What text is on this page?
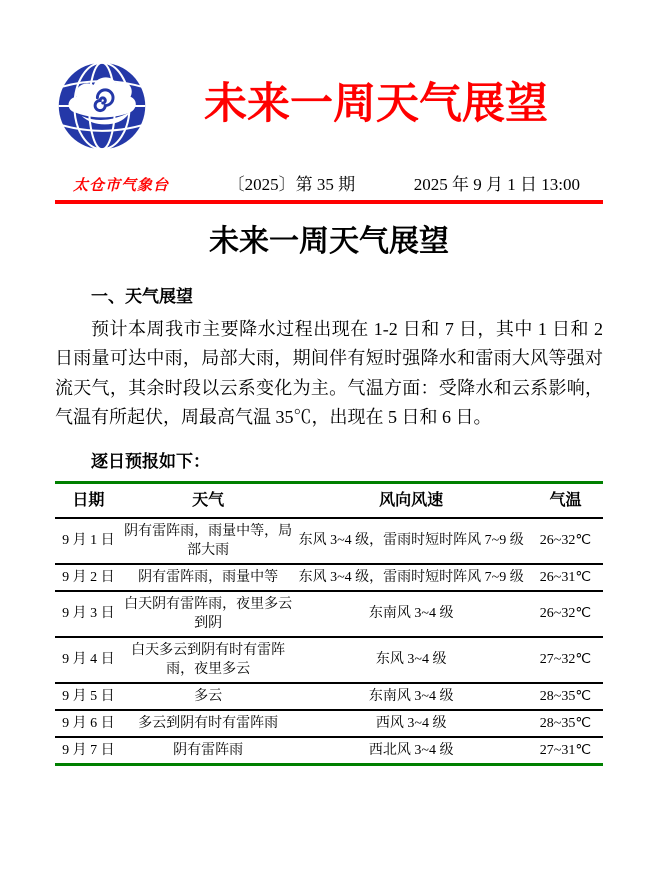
未来一周天气展望
太仓市气象台	〔2025〕第 35 期	2025 年 9 月 1 日 13:00
未来一周天气展望
一、天气展望
预计本周我市主要降水过程出现在 1-2 日和 7 日，其中 1 日和 2 日雨量可达中雨，局部大雨，期间伴有短时强降水和雷雨大风等强对流天气，其余时段以云系变化为主。气温方面：受降水和云系影响，气温有所起伏，周最高气温 35℃，出现在 5 日和 6 日。
逐日预报如下：
日期	天气	风向风速	气温
9 月 1 日	阴有雷阵雨，雨量中等，局部大雨	东风 3~4 级，雷雨时短时阵风 7~9 级	26~32℃
9 月 2 日	阴有雷阵雨，雨量中等	东风 3~4 级，雷雨时短时阵风 7~9 级	26~31℃
9 月 3 日	白天阴有雷阵雨，夜里多云到阴	东南风 3~4 级	26~32℃
9 月 4 日	白天多云到阴有时有雷阵雨，夜里多云	东风 3~4 级	27~32℃
9 月 5 日	多云	东南风 3~4 级	28~35℃
9 月 6 日	多云到阴有时有雷阵雨	西风 3~4 级	28~35℃
9 月 7 日	阴有雷阵雨	西北风 3~4 级	27~31℃
